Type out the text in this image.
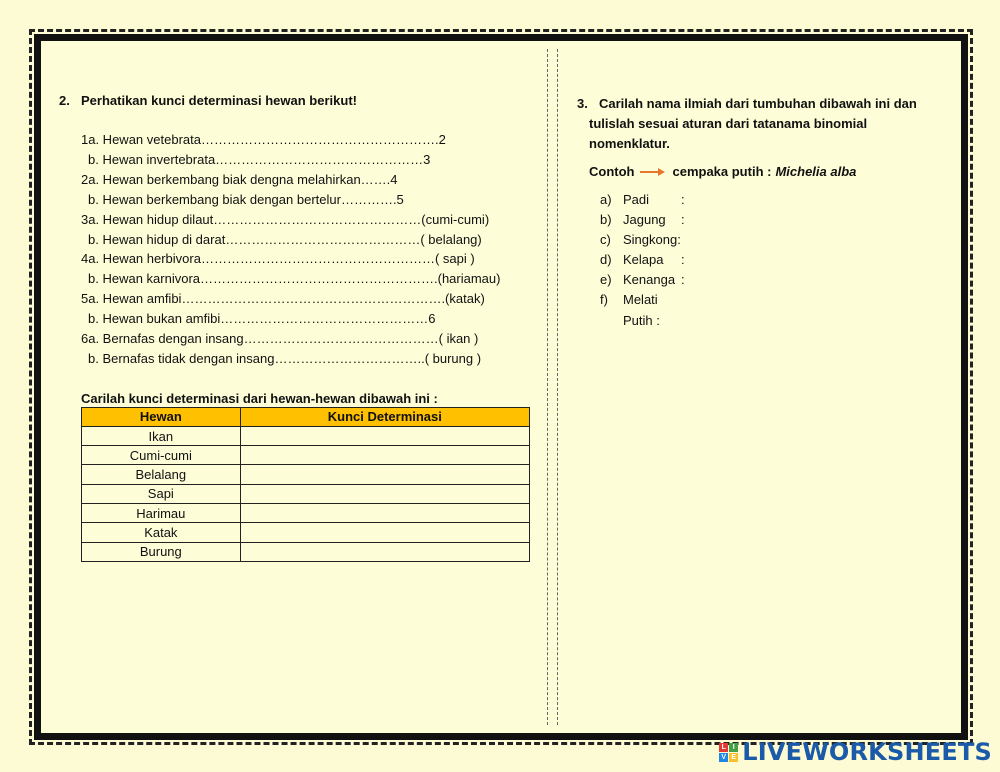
2. Perhatikan kunci determinasi hewan berikut!
1a. Hewan vetebrata……………………………………………….2
b. Hewan invertebrata…………………………………………3
2a. Hewan berkembang biak dengna melahirkan…….4
b. Hewan berkembang biak dengan bertelur………….5
3a. Hewan hidup dilaut…………………………………………(cumi-cumi)
b. Hewan hidup di darat………………………………………( belalang)
4a. Hewan herbivora………………………………………………( sapi )
b. Hewan karnivora……………………………………………….(hariamau)
5a. Hewan amfibi…………………………………………………….(katak)
b. Hewan bukan amfibi…………………………………………6
6a. Bernafas dengan insang………………………………………( ikan )
b. Bernafas tidak dengan insang……………………………..( burung )
Carilah kunci determinasi dari hewan-hewan dibawah ini :
Hewan	Kunci Determinasi
Ikan	
Cumi-cumi	
Belalang	
Sapi	
Harimau	
Katak	
Burung	
3. Carilah nama ilmiah dari tumbuhan dibawah ini dan
tulislah sesuai aturan dari tatanama binomial
nomenklatur.
Contoh	cempaka putih : Michelia alba
a) Padi	:
b) Jagung	:
c) Singkong:
d) Kelapa	:
e) Kenanga :
f)	Melati Putih :
L I
V E LIVEWORKSHEETS
